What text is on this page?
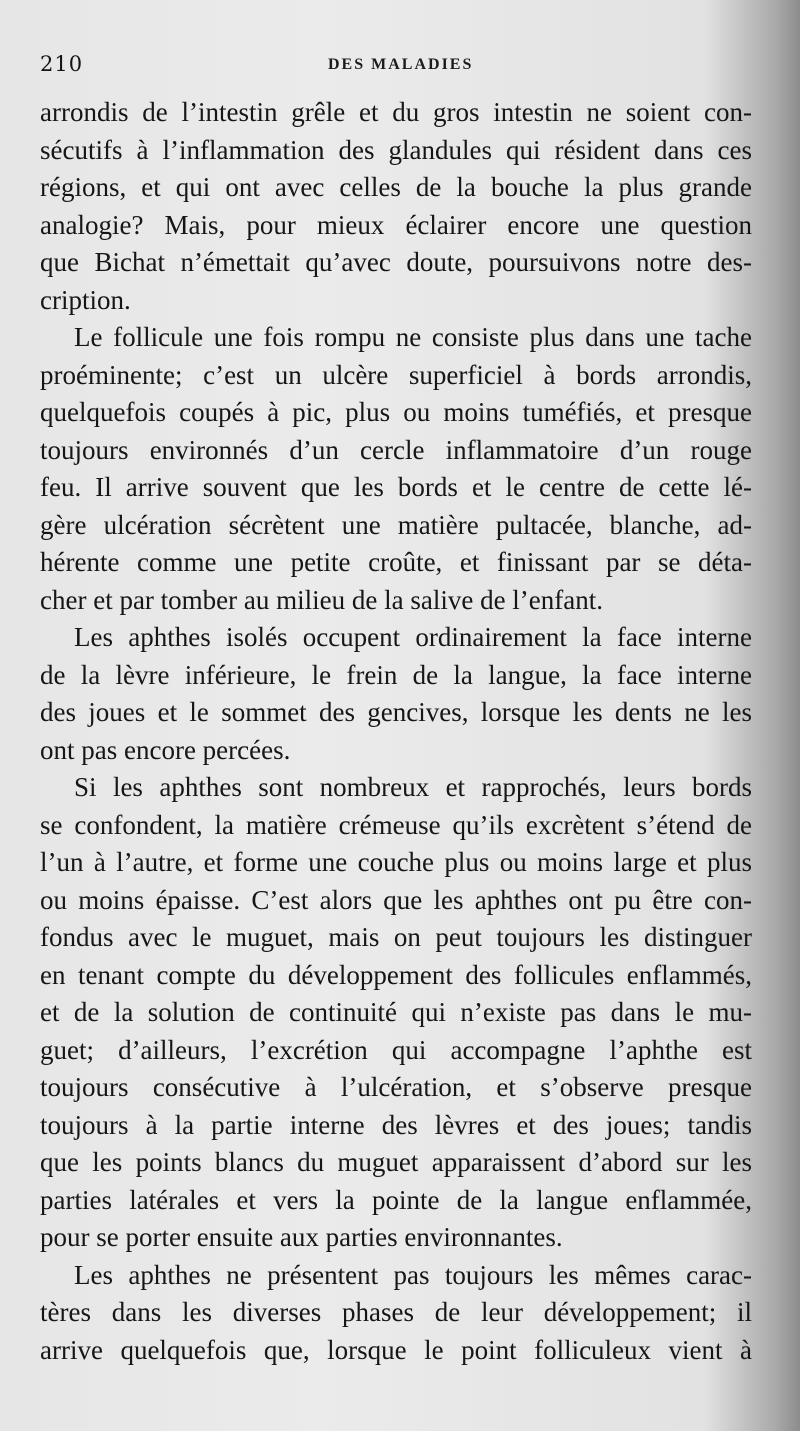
210	DES MALADIES
arrondis de l’intestin grêle et du gros intestin ne soient con-
sécutifs à l’inflammation des glandules qui résident dans ces
régions, et qui ont avec celles de la bouche la plus grande
analogie? Mais, pour mieux éclairer encore une question
que Bichat n’émettait qu’avec doute, poursuivons notre des-
cription.
Le follicule une fois rompu ne consiste plus dans une tache
proéminente; c’est un ulcère superficiel à bords arrondis,
quelquefois coupés à pic, plus ou moins tuméfiés, et presque
toujours environnés d’un cercle inflammatoire d’un rouge
feu. Il arrive souvent que les bords et le centre de cette lé-
gère ulcération sécrètent une matière pultacée, blanche, ad-
hérente comme une petite croûte, et finissant par se déta-
cher et par tomber au milieu de la salive de l’enfant.
Les aphthes isolés occupent ordinairement la face interne
de la lèvre inférieure, le frein de la langue, la face interne
des joues et le sommet des gencives, lorsque les dents ne les
ont pas encore percées.
Si les aphthes sont nombreux et rapprochés, leurs bords
se confondent, la matière crémeuse qu’ils excrètent s’étend de
l’un à l’autre, et forme une couche plus ou moins large et plus
ou moins épaisse. C’est alors que les aphthes ont pu être con-
fondus avec le muguet, mais on peut toujours les distinguer
en tenant compte du développement des follicules enflammés,
et de la solution de continuité qui n’existe pas dans le mu-
guet; d’ailleurs, l’excrétion qui accompagne l’aphthe est
toujours consécutive à l’ulcération, et s’observe presque
toujours à la partie interne des lèvres et des joues; tandis
que les points blancs du muguet apparaissent d’abord sur les
parties latérales et vers la pointe de la langue enflammée,
pour se porter ensuite aux parties environnantes.
Les aphthes ne présentent pas toujours les mêmes carac-
tères dans les diverses phases de leur développement; il
arrive quelquefois que, lorsque le point folliculeux vient à
